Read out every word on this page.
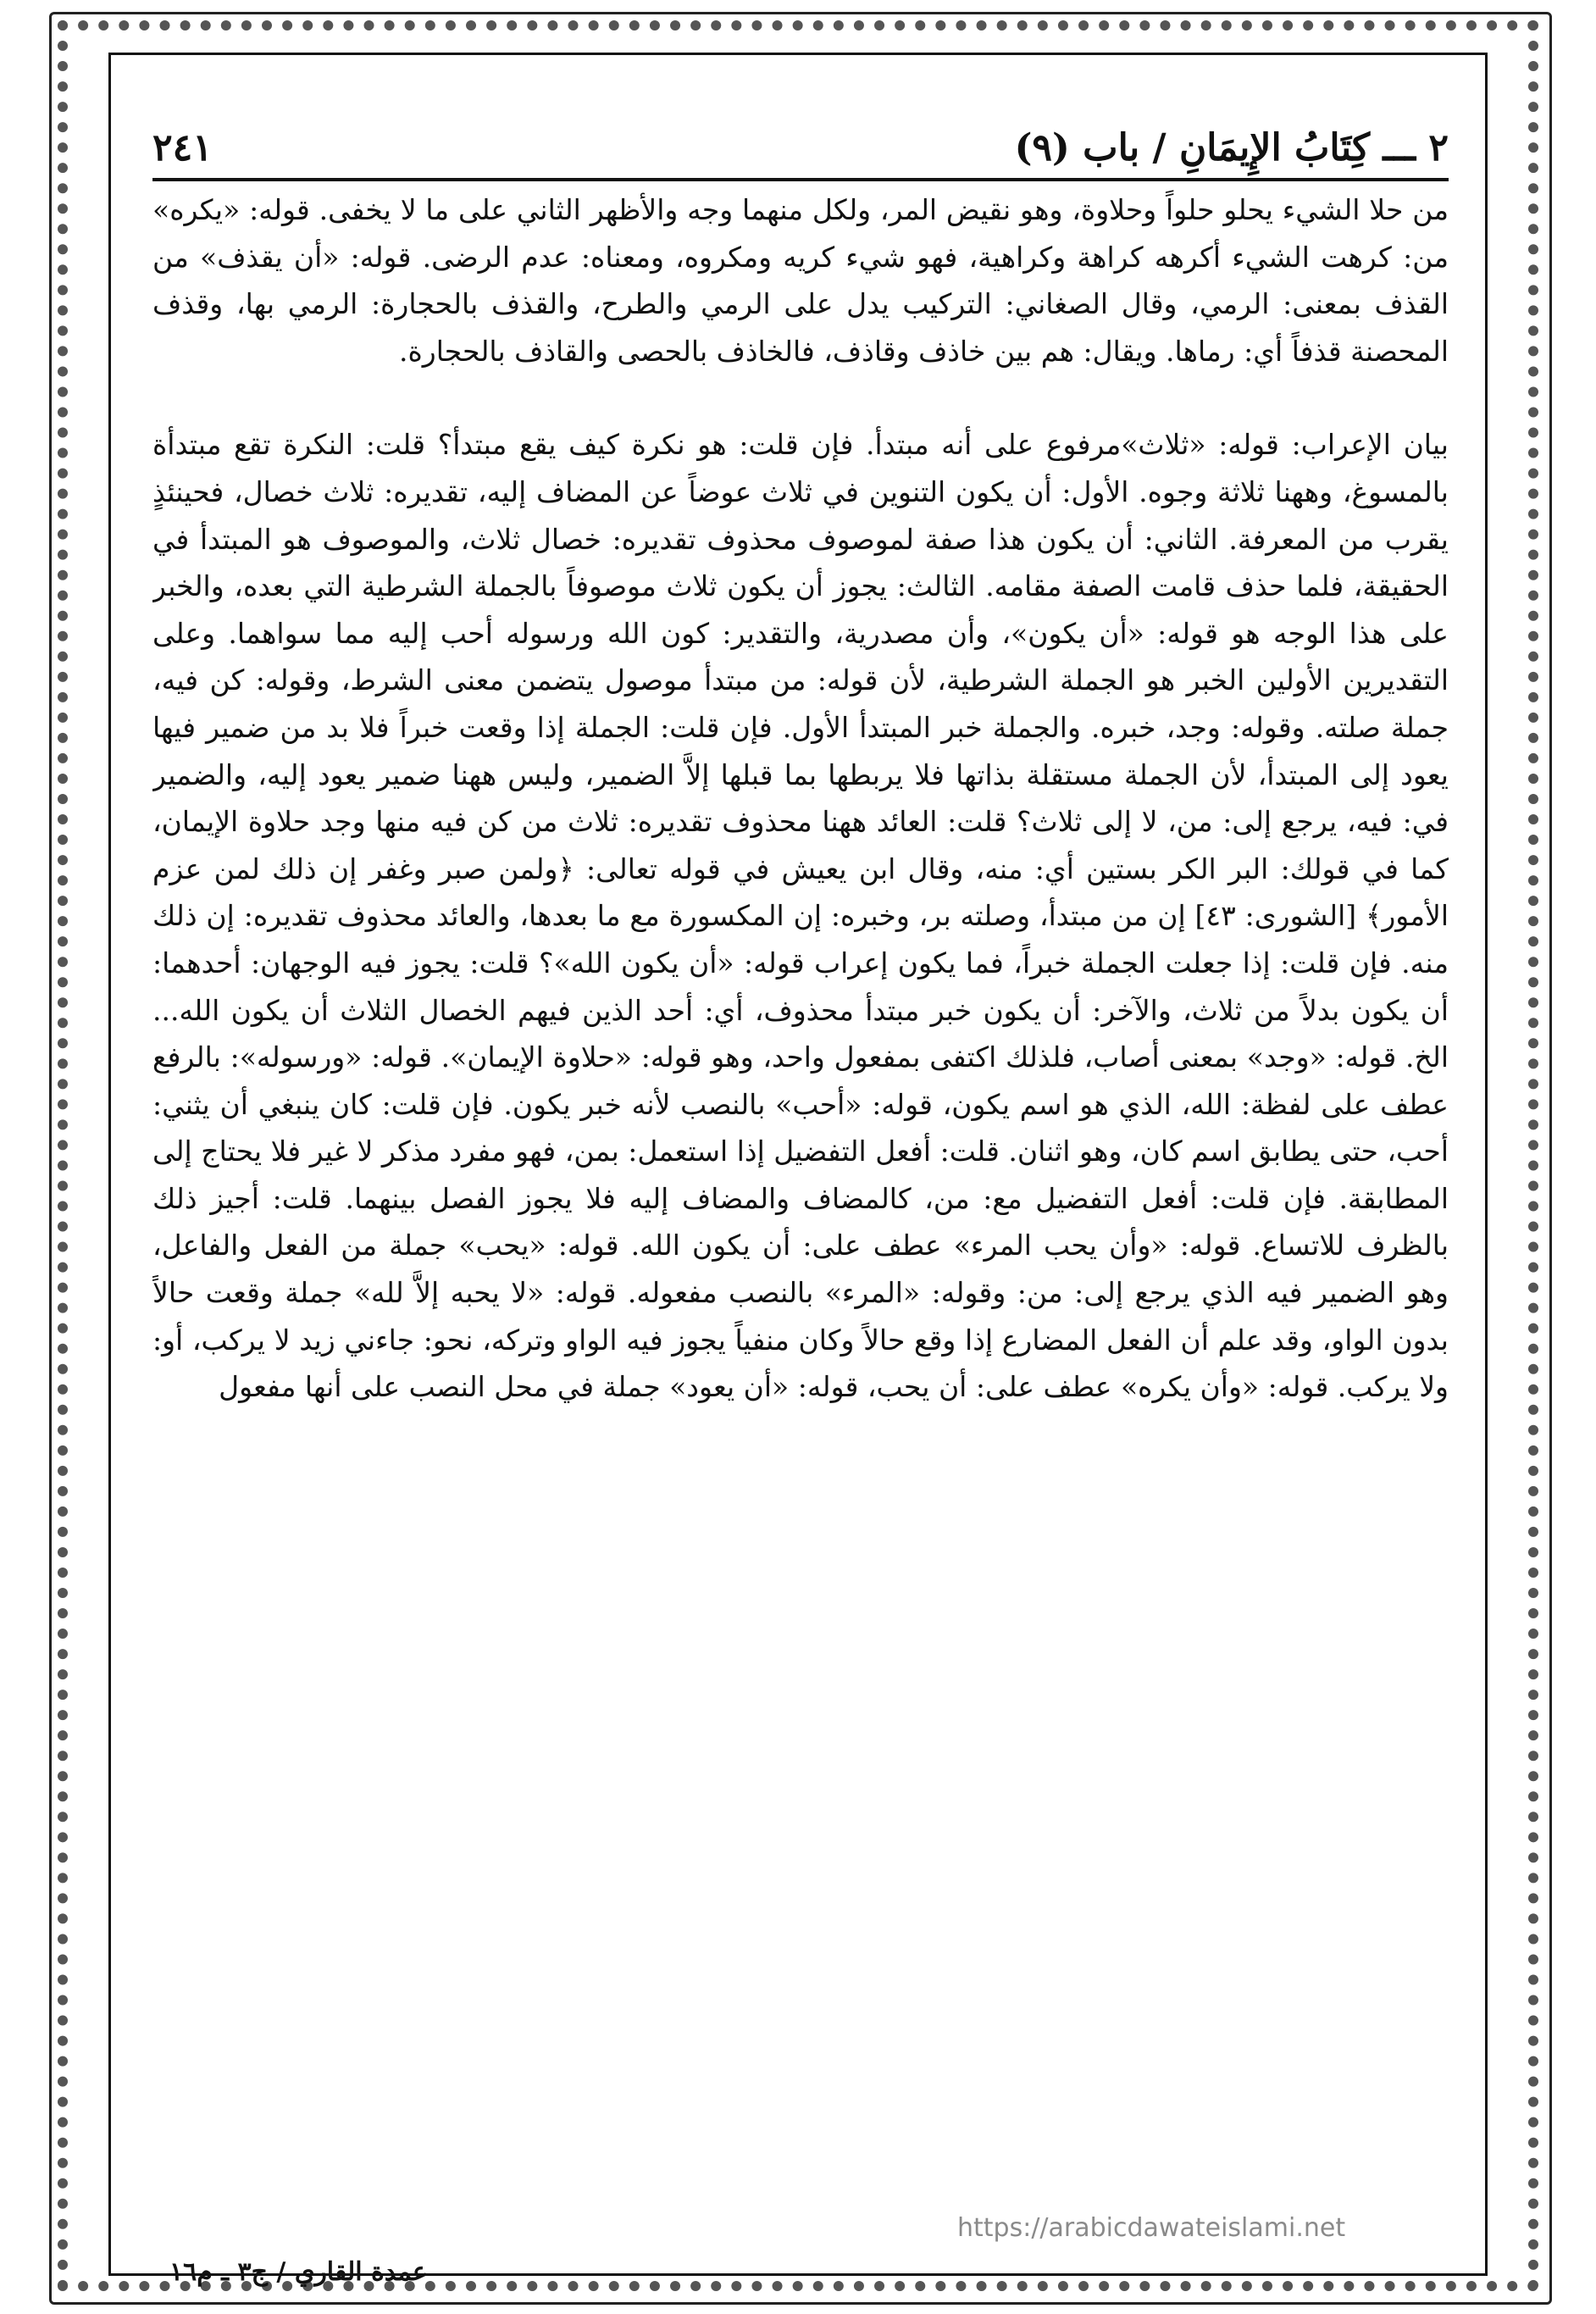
٢ ـــ كِتَابُ الإِيمَانِ / باب (٩)
٢٤١

من حلا الشيء يحلو حلواً وحلاوة، وهو نقيض المر، ولكل منهما وجه والأظهر الثاني على ما لا يخفى. قوله: «يكره» من: كرهت الشيء أكرهه كراهة وكراهية، فهو شيء كريه ومكروه، ومعناه: عدم الرضى. قوله: «أن يقذف» من القذف بمعنى: الرمي، وقال الصغاني: التركيب يدل على الرمي والطرح، والقذف بالحجارة: الرمي بها، وقذف المحصنة قذفاً أي: رماها. ويقال: هم بين خاذف وقاذف، فالخاذف بالحصى والقاذف بالحجارة.

بيان الإعراب: قوله: «ثلاث»مرفوع على أنه مبتدأ. فإن قلت: هو نكرة كيف يقع مبتدأ؟ قلت: النكرة تقع مبتدأة بالمسوغ، وههنا ثلاثة وجوه. الأول: أن يكون التنوين في ثلاث عوضاً عن المضاف إليه، تقديره: ثلاث خصال، فحينئذٍ يقرب من المعرفة. الثاني: أن يكون هذا صفة لموصوف محذوف تقديره: خصال ثلاث، والموصوف هو المبتدأ في الحقيقة، فلما حذف قامت الصفة مقامه. الثالث: يجوز أن يكون ثلاث موصوفاً بالجملة الشرطية التي بعده، والخبر على هذا الوجه هو قوله: «أن يكون»، وأن مصدرية، والتقدير: كون الله ورسوله أحب إليه مما سواهما. وعلى التقديرين الأولين الخبر هو الجملة الشرطية، لأن قوله: من مبتدأ موصول يتضمن معنى الشرط، وقوله: كن فيه، جملة صلته. وقوله: وجد، خبره. والجملة خبر المبتدأ الأول. فإن قلت: الجملة إذا وقعت خبراً فلا بد من ضمير فيها يعود إلى المبتدأ، لأن الجملة مستقلة بذاتها فلا يربطها بما قبلها إلاَّ الضمير، وليس ههنا ضمير يعود إليه، والضمير في: فيه، يرجع إلى: من، لا إلى ثلاث؟ قلت: العائد ههنا محذوف تقديره: ثلاث من كن فيه منها وجد حلاوة الإيمان، كما في قولك: البر الكر بستين أي: منه، وقال ابن يعيش في قوله تعالى: ﴿ولمن صبر وغفر إن ذلك لمن عزم الأمور﴾ [الشورى: ٤٣] إن من مبتدأ، وصلته بر، وخبره: إن المكسورة مع ما بعدها، والعائد محذوف تقديره: إن ذلك منه. فإن قلت: إذا جعلت الجملة خبراً، فما يكون إعراب قوله: «أن يكون الله»؟ قلت: يجوز فيه الوجهان: أحدهما: أن يكون بدلاً من ثلاث، والآخر: أن يكون خبر مبتدأ محذوف، أي: أحد الذين فيهم الخصال الثلاث أن يكون الله... الخ. قوله: «وجد» بمعنى أصاب، فلذلك اكتفى بمفعول واحد، وهو قوله: «حلاوة الإيمان». قوله: «ورسوله»: بالرفع عطف على لفظة: الله، الذي هو اسم يكون، قوله: «أحب» بالنصب لأنه خبر يكون. فإن قلت: كان ينبغي أن يثني: أحب، حتى يطابق اسم كان، وهو اثنان. قلت: أفعل التفضيل إذا استعمل: بمن، فهو مفرد مذكر لا غير فلا يحتاج إلى المطابقة. فإن قلت: أفعل التفضيل مع: من، كالمضاف والمضاف إليه فلا يجوز الفصل بينهما. قلت: أجيز ذلك بالظرف للاتساع. قوله: «وأن يحب المرء» عطف على: أن يكون الله. قوله: «يحب» جملة من الفعل والفاعل، وهو الضمير فيه الذي يرجع إلى: من: وقوله: «المرء» بالنصب مفعوله. قوله: «لا يحبه إلاَّ لله» جملة وقعت حالاً بدون الواو، وقد علم أن الفعل المضارع إذا وقع حالاً وكان منفياً يجوز فيه الواو وتركه، نحو: جاءني زيد لا يركب، أو: ولا يركب. قوله: «وأن يكره» عطف على: أن يحب، قوله: «أن يعود» جملة في محل النصب على أنها مفعول

https://arabicdawateislami.net
عمدة القاري / ج٣ ـ م١٦
